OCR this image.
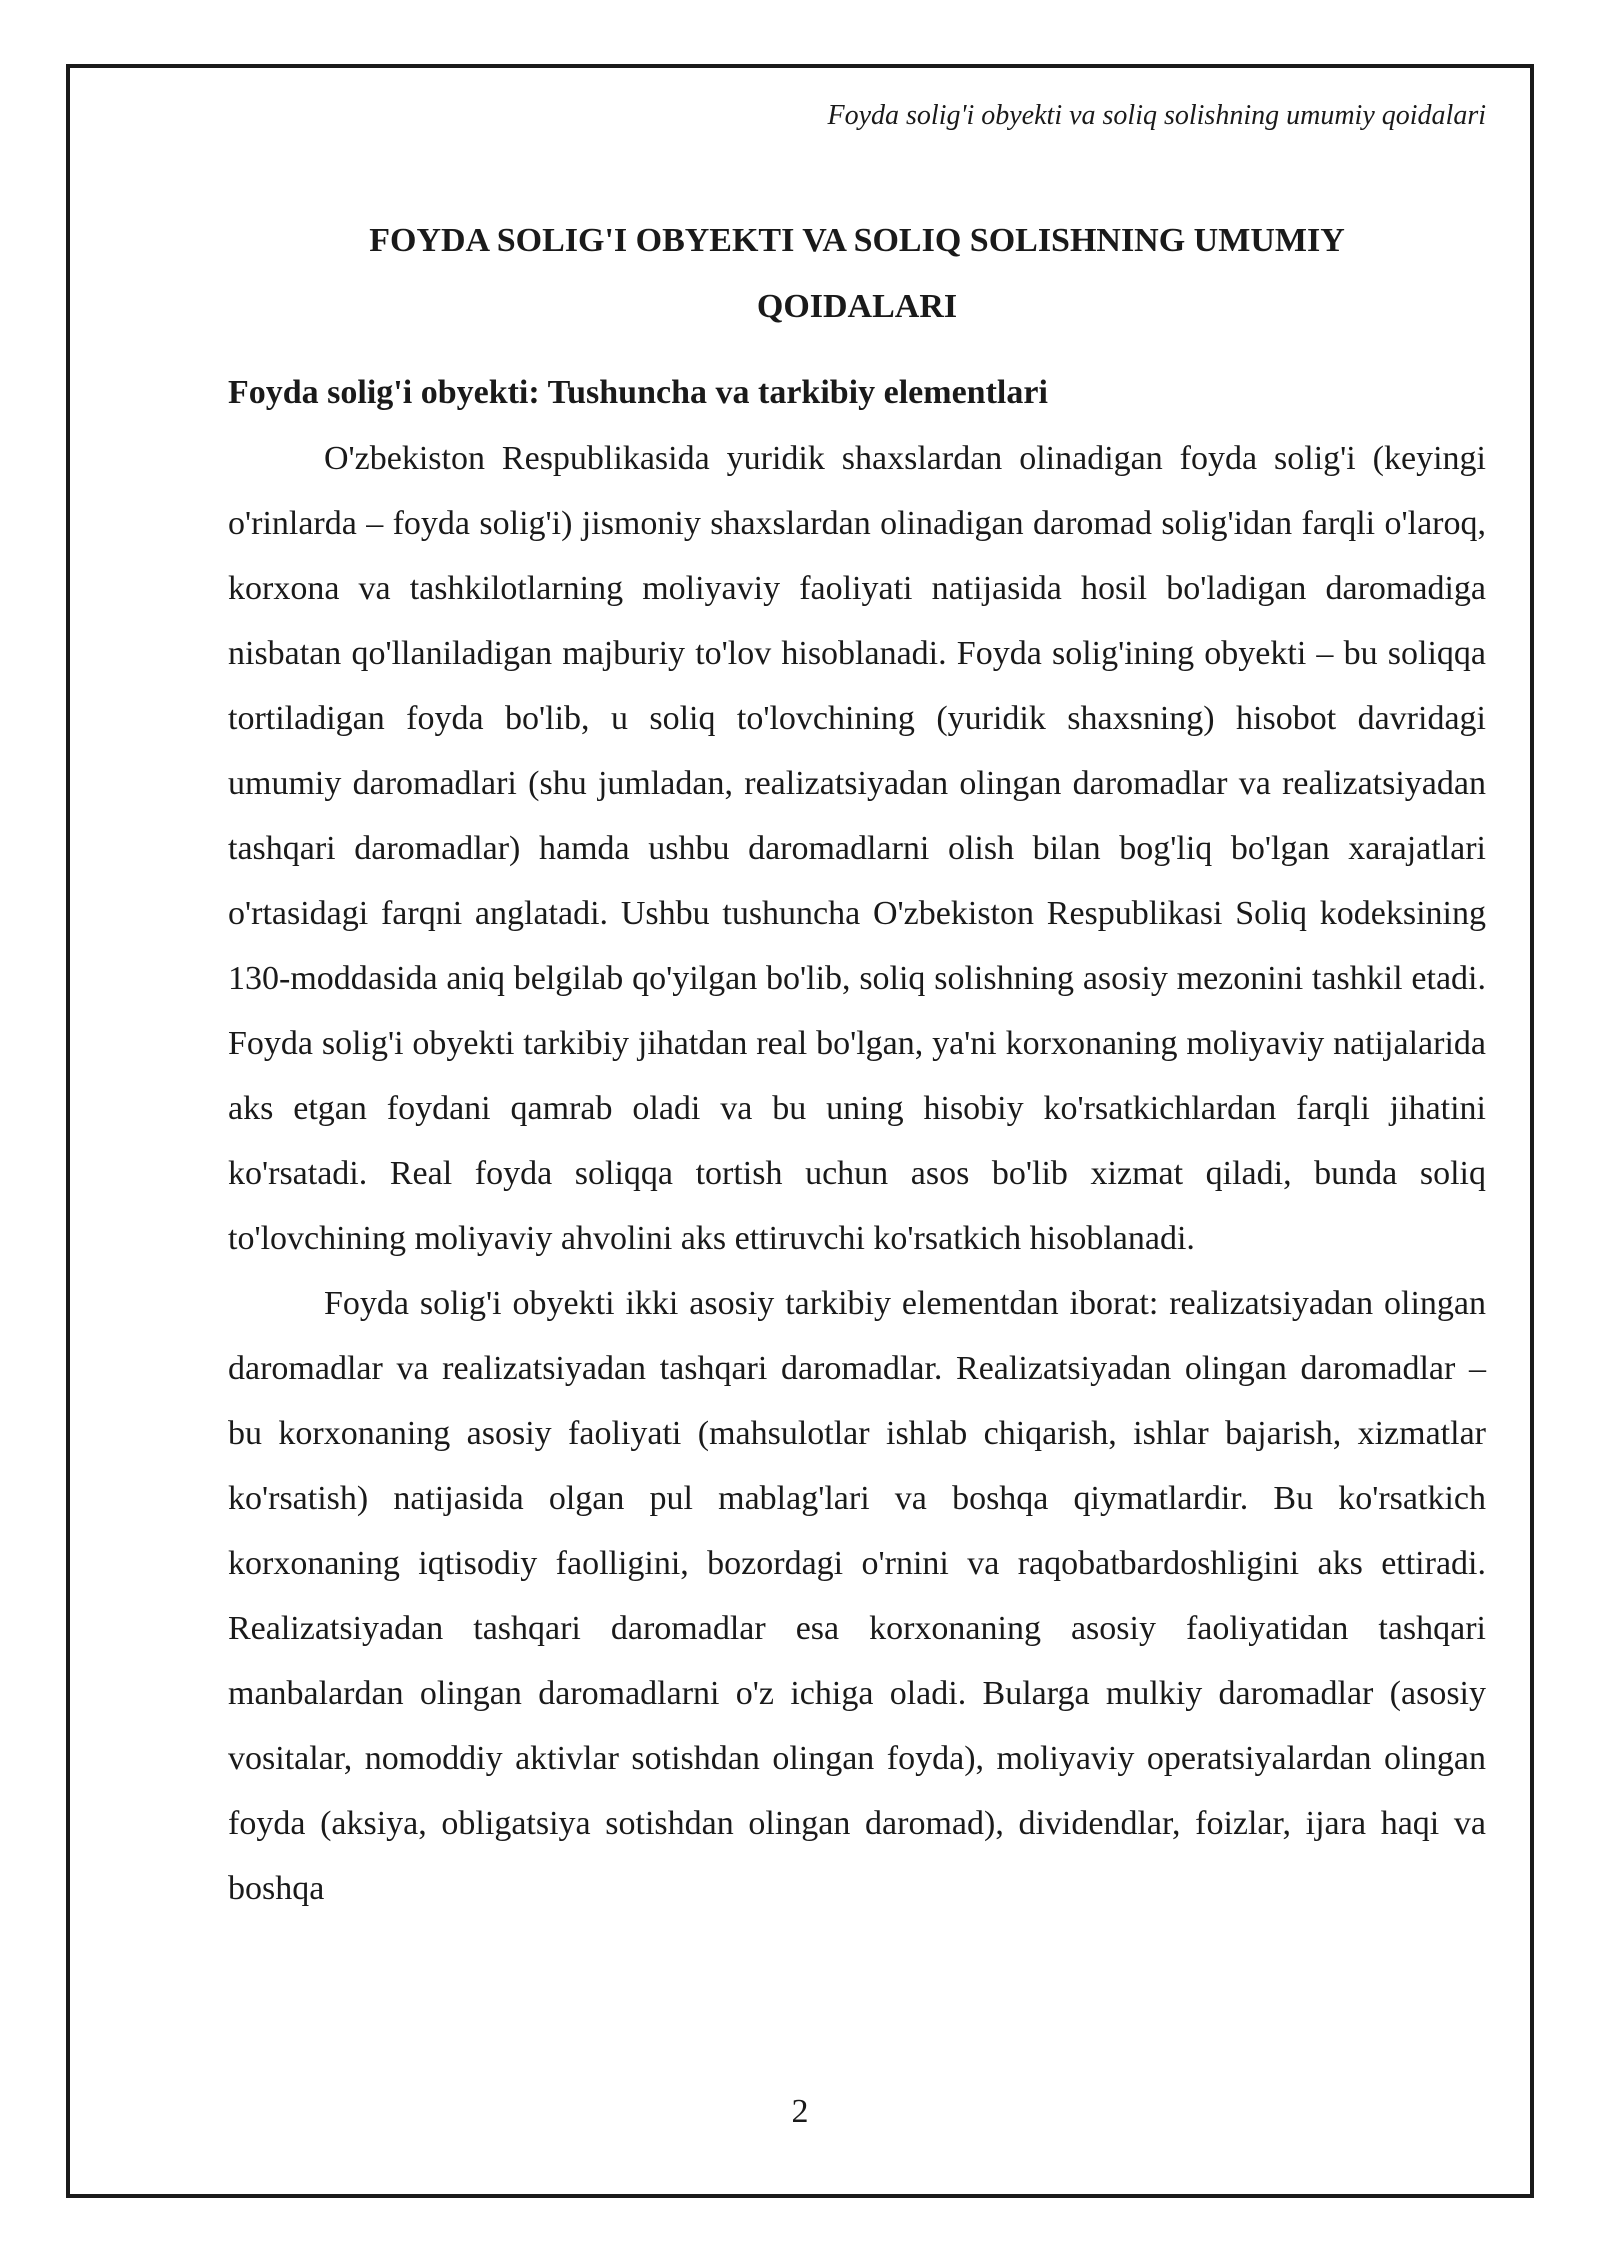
Foyda solig'i obyekti va soliq solishning umumiy qoidalari
FOYDA SOLIG'I OBYEKTI VA SOLIQ SOLISHNING UMUMIY QOIDALARI
Foyda solig'i obyekti: Tushuncha va tarkibiy elementlari

O'zbekiston Respublikasida yuridik shaxslardan olinadigan foyda solig'i (keyingi o'rinlarda – foyda solig'i) jismoniy shaxslardan olinadigan daromad solig'idan farqli o'laroq, korxona va tashkilotlarning moliyaviy faoliyati natijasida hosil bo'ladigan daromadiga nisbatan qo'llaniladigan majburiy to'lov hisoblanadi. Foyda solig'ining obyekti – bu soliqqa tortiladigan foyda bo'lib, u soliq to'lovchining (yuridik shaxsning) hisobot davridagi umumiy daromadlari (shu jumladan, realizatsiyadan olingan daromadlar va realizatsiyadan tashqari daromadlar) hamda ushbu daromadlarni olish bilan bog'liq bo'lgan xarajatlari o'rtasidagi farqni anglatadi. Ushbu tushuncha O'zbekiston Respublikasi Soliq kodeksining 130-moddasida aniq belgilab qo'yilgan bo'lib, soliq solishning asosiy mezonini tashkil etadi. Foyda solig'i obyekti tarkibiy jihatdan real bo'lgan, ya'ni korxonaning moliyaviy natijalarida aks etgan foydani qamrab oladi va bu uning hisobiy ko'rsatkichlardan farqli jihatini ko'rsatadi. Real foyda soliqqa tortish uchun asos bo'lib xizmat qiladi, bunda soliq to'lovchining moliyaviy ahvolini aks ettiruvchi ko'rsatkich hisoblanadi.

Foyda solig'i obyekti ikki asosiy tarkibiy elementdan iborat: realizatsiyadan olingan daromadlar va realizatsiyadan tashqari daromadlar. Realizatsiyadan olingan daromadlar – bu korxonaning asosiy faoliyati (mahsulotlar ishlab chiqarish, ishlar bajarish, xizmatlar ko'rsatish) natijasida olgan pul mablag'lari va boshqa qiymatlardir. Bu ko'rsatkich korxonaning iqtisodiy faolligini, bozordagi o'rnini va raqobatbardoshligini aks ettiradi. Realizatsiyadan tashqari daromadlar esa korxonaning asosiy faoliyatidan tashqari manbalardan olingan daromadlarni o'z ichiga oladi. Bularga mulkiy daromadlar (asosiy vositalar, nomoddiy aktivlar sotishdan olingan foyda), moliyaviy operatsiyalardan olingan foyda (aksiya, obligatsiya sotishdan olingan daromad), dividendlar, foizlar, ijara haqi va boshqa

2
